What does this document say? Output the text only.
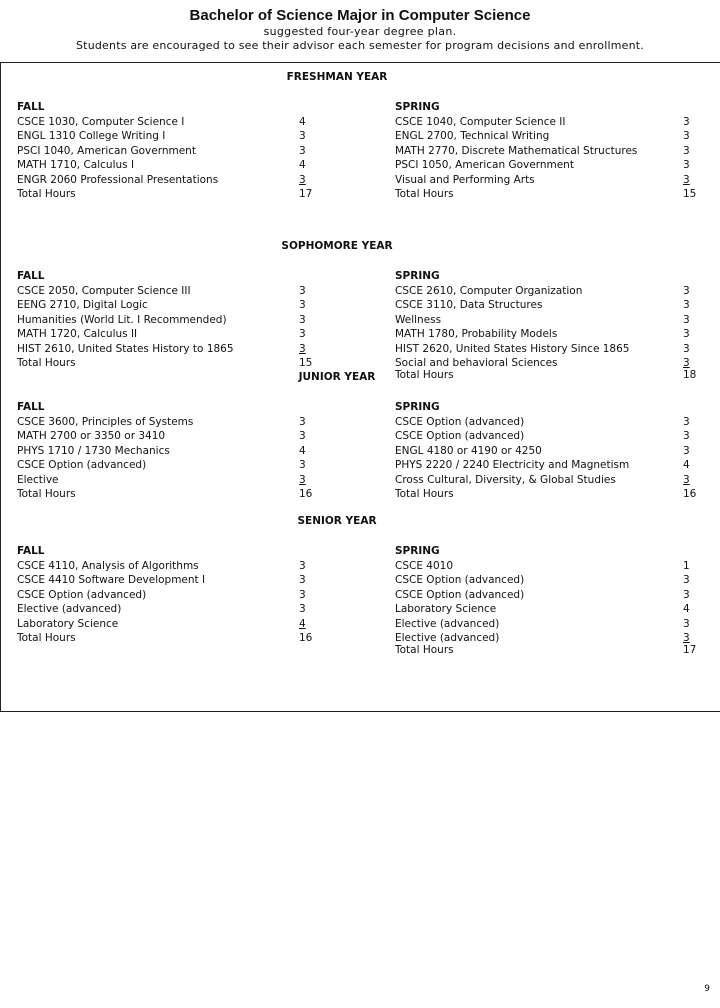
Bachelor of Science Major in Computer Science
suggested four-year degree plan.
Students are encouraged to see their advisor each semester for program decisions and enrollment.
FRESHMAN YEAR
FALL
CSCE 1030, Computer Science I	4
ENGL 1310 College Writing I	3
PSCI 1040, American Government	3
MATH 1710, Calculus I	4
ENGR 2060 Professional Presentations	3
Total Hours	17
SPRING
CSCE 1040, Computer Science II	3
ENGL 2700, Technical Writing	3
MATH 2770, Discrete Mathematical Structures	3
PSCI 1050, American Government	3
Visual and Performing Arts	3
Total Hours	15
SOPHOMORE YEAR
FALL
CSCE 2050, Computer Science III	3
EENG 2710, Digital Logic	3
Humanities (World Lit. I Recommended)	3
MATH 1720, Calculus II	3
HIST 2610, United States History to 1865	3
Total Hours	15
SPRING
CSCE 2610, Computer Organization	3
CSCE 3110, Data Structures	3
Wellness	3
MATH 1780, Probability Models	3
HIST 2620, United States History Since 1865	3
Social and behavioral Sciences	3
Total Hours	18
JUNIOR YEAR
FALL
CSCE 3600, Principles of Systems	3
MATH 2700 or 3350 or 3410	3
PHYS 1710 / 1730 Mechanics	4
CSCE Option (advanced)	3
Elective	3
Total Hours	16
SPRING
CSCE Option (advanced)	3
CSCE Option (advanced)	3
ENGL 4180 or 4190 or 4250	3
PHYS 2220 / 2240 Electricity and Magnetism	4
Cross Cultural, Diversity, & Global Studies	3
Total Hours	16
SENIOR YEAR
FALL
CSCE 4110, Analysis of Algorithms	3
CSCE 4410 Software Development I	3
CSCE Option (advanced)	3
Elective (advanced)	3
Laboratory Science	4
Total Hours	16
SPRING
CSCE 4010	1
CSCE Option (advanced)	3
CSCE Option (advanced)	3
Laboratory Science	4
Elective (advanced)	3
Elective (advanced)	3
Total Hours	17
9
